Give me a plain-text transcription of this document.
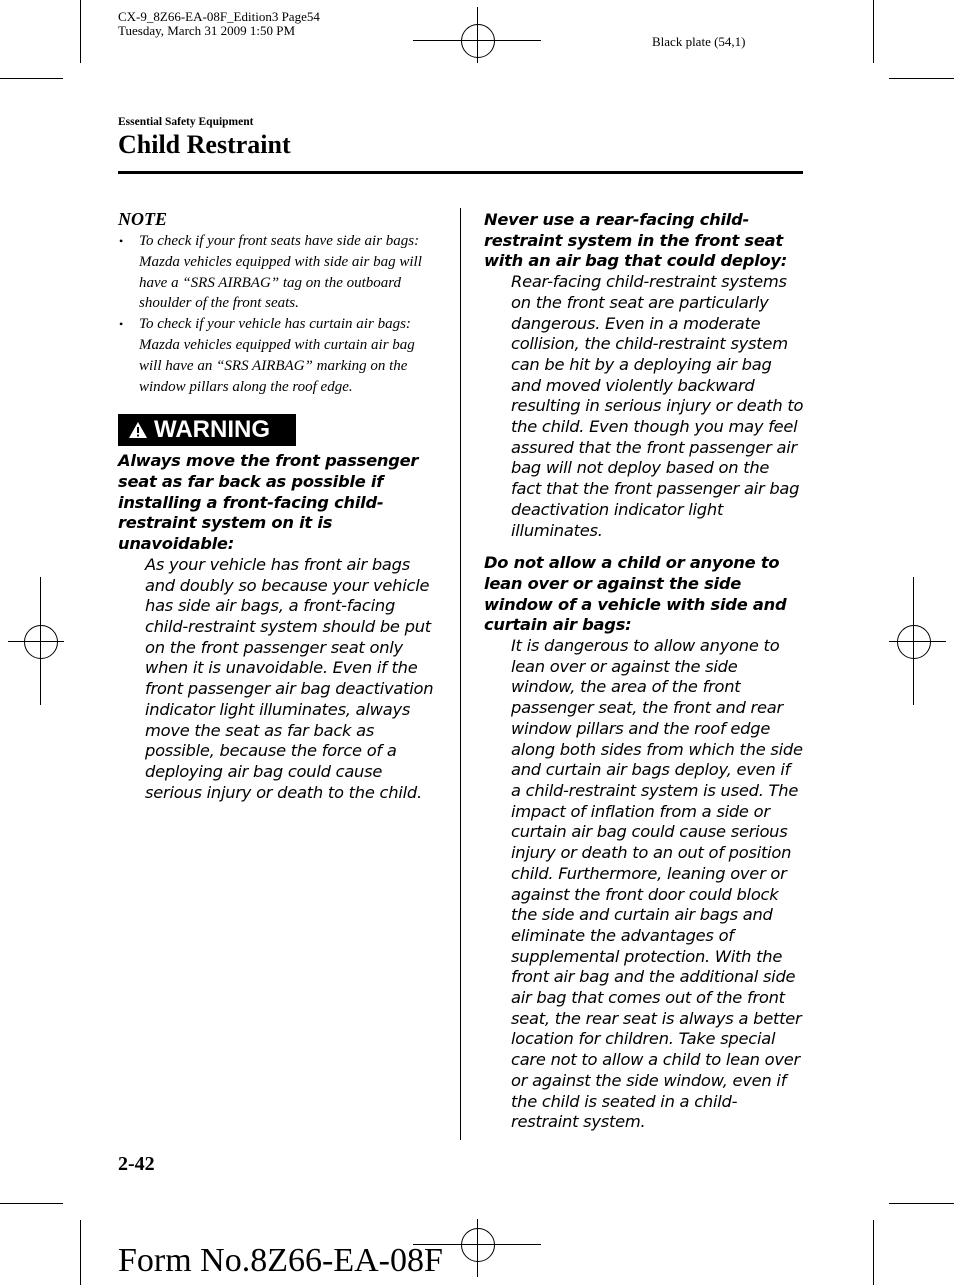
CX-9_8Z66-EA-08F_Edition3 Page54
Tuesday, March 31 2009 1:50 PM
Black plate (54,1)
Essential Safety Equipment
Child Restraint
NOTE
• To check if your front seats have side air bags:

Mazda vehicles equipped with side air bag will have a “SRS AIRBAG” tag on the outboard shoulder of the front seats.

• To check if your vehicle has curtain air bags:

Mazda vehicles equipped with curtain air bag will have an “SRS AIRBAG” marking on the window pillars along the roof edge.

WARNING

Always move the front passenger seat as far back as possible if installing a front-facing child-restraint system on it is unavoidable:

As your vehicle has front air bags and doubly so because your vehicle has side air bags, a front-facing child-restraint system should be put on the front passenger seat only when it is unavoidable. Even if the front passenger air bag deactivation indicator light illuminates, always move the seat as far back as possible, because the force of a deploying air bag could cause serious injury or death to the child.

Never use a rear-facing child-restraint system in the front seat with an air bag that could deploy:

Rear-facing child-restraint systems on the front seat are particularly dangerous. Even in a moderate collision, the child-restraint system can be hit by a deploying air bag and moved violently backward resulting in serious injury or death to the child. Even though you may feel assured that the front passenger air bag will not deploy based on the fact that the front passenger air bag deactivation indicator light illuminates.

Do not allow a child or anyone to lean over or against the side window of a vehicle with side and curtain air bags:

It is dangerous to allow anyone to lean over or against the side window, the area of the front passenger seat, the front and rear window pillars and the roof edge along both sides from which the side and curtain air bags deploy, even if a child-restraint system is used. The impact of inflation from a side or curtain air bag could cause serious injury or death to an out of position child. Furthermore, leaning over or against the front door could block the side and curtain air bags and eliminate the advantages of supplemental protection. With the front air bag and the additional side air bag that comes out of the front seat, the rear seat is always a better location for children. Take special care not to allow a child to lean over or against the side window, even if the child is seated in a child-restraint system.

2-42
Form No.8Z66-EA-08F
